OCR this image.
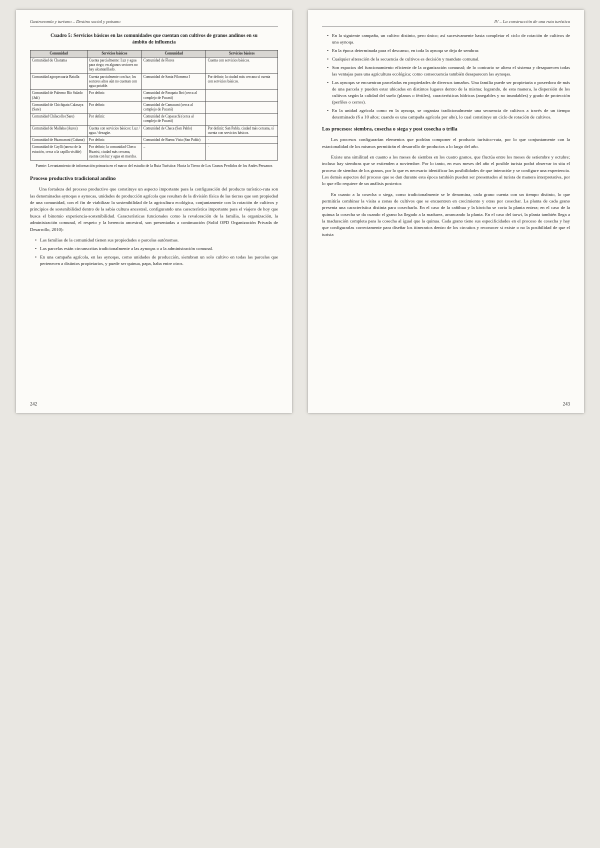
Gastronomía y turismo – Destino social y paisano
Cuadro 5: Servicios básicos en las comunidades que cuentan con cultivos de granos andinos en su ámbito de influencia
Comunidad	Servicios básicos	Comunidad	Servicios básicos
Comunidad de Chatuma	Cuenta parcialmente: Luz y agua para riego; en algunos sectores no hay alcantarillado.	Comunidad de Flores	Cuenta con servicios básicos.
Comunidad agropecuaria Batalla	Cuenta parcialmente con luz; los sectores altos aún no cuentan con agua potable.	Comunidad de Santa Filomena I	Por definir; la ciudad más cercana sí cuenta con servicios básicos.
Comunidad de Palermo Río Salado (Juli)	Por definir.	Comunidad de Parapata Ibri (cerca al complejo de Pucará)	
Comunidad de Chichipata Calasaya (Sare)	Por definir.	Comunidad de Camacani (cerca al complejo de Pucará)	
Comunidad Chilacollo (Sare)	Por definir.	Comunidad de Copacachi (cerca al complejo de Pucará)	
Comunidad de Mallaba (Aures)	Cuenta con servicios básicos: Luz / agua / desagüe.	Comunidad de Chaca (San Pablo)	Por definir; San Pablo, ciudad más cercana, sí cuenta con servicios básicos.
Comunidad de Huancarani (Cabana)	Por definir.	Comunidad de Buena Vista (San Pablo)	·
Comunidad de Caylli (anexo de la estación, cerca a la capilla visible)	Por definir; la comunidad Checa Huarisi, ciudad más cercana, cuenta con luz y agua en marcha.	–	·
Fuente: Levantamiento de información primaria en el marco del estudio de la Ruta Turística: Hacia la Tierra de Los Granos Perdidos de los Andes Peruanos
Proceso productivo tradicional andino

Una fortaleza del proceso productivo que constituye un aspecto importante para la configuración del producto turístico-ruta son las denominadas aynoqas o aynocas, unidades de producción agrícola que resultan de la división física de las tierras que son propiedad de una comunidad, con el fin de viabilizar la sostenibilidad de la agricultura ecológica, conjuntamente con la rotación de cultivos y principios de sostenibilidad dentro de la sabia cultura ancestral, configurando una característica importante para el viajero de hoy que busca el binomio experiencia-sostenibilidad. Características funcionales como la revaloración de la familia, la organización, la administración comunal, el respeto y la herencia ancestral, son presentadas a continuación (Solid OPD Organización Privada de Desarrollo, 2010):

• Las familias de la comunidad tienen sus propiedades o parcelas autónomas.
• Las parcelas están circunscritas tradicionalmente a las aynoqas o a la administración comunal.
• En una campaña agrícola, en las aynoqas, como unidades de producción, siembran un solo cultivo en todas las parcelas que pertenecen a distintos propietarios, y puede ser quinua, papa, haba entre otros.
242
IV – La construcción de una ruta turística
• En la siguiente campaña, un cultivo distinto, pero único; así sucesivamente hasta completar el ciclo de rotación de cultivos de una aynoqa.
• En la época determinada para el descanso, en toda la aynoqa se deja de sembrar.
• Cualquier alteración de la secuencia de cultivos es decisión y mandato comunal.
• Son espacios del funcionamiento eficiente de la organización comunal; de lo contrario se altera el sistema y desaparecen todas las ventajas para una agricultura ecológica; como consecuencia también desaparecen las aynoqas.
• Las aynoqas se encuentran parceladas en propiedades de diversos tamaños. Una familia puede ser propietaria o poseedora de más de una parcela y pueden estar ubicadas en distintos lugares dentro de la misma; logrando, de esta manera, la dispersión de los cultivos según la calidad del suelo (planos o fértiles), características hídricas (anegables y no inundables) y grado de protección (perfiles o cerros).
• En la unidad agrícola como en la aynoqa, se organiza tradicionalmente una secuencia de cultivos a través de un tiempo determinado (6 a 10 años; cuando es una campaña agrícola por año), lo cual constituye un ciclo de rotación de cultivos.
Los procesos: siembra, cosecha o siega y post cosecha o trilla

Los procesos configurarían elementos que podrían componer el producto turístico-ruta, por lo que conjuntamente con la estacionalidad de los mismos permitirán el desarrollo de productos a lo largo del año.

Existe una similitud en cuanto a los meses de siembra en los cuatro granos, que fluctúa entre los meses de setiembre y octubre; incluso hay siembras que se extienden a noviembre. Por lo tanto, en esos meses del año el posible turista podrá observar in situ el proceso de siembra de los granos, por lo que es necesario identificar las posibilidades de que interactúe y se configure una experiencia. Los demás aspectos del proceso que se dan durante esta época también pueden ser presentados al turista de manera interpretativa, por lo que ello requiere de un análisis posterior.

En cuanto a la cosecha o siega, como tradicionalmente se le denomina, cada grano cuenta con un tiempo distinto, lo que permitiría combinar la visita a zonas de cultivos que se encuentren en crecimiento y otras por cosechar. La planta de cada grano presenta una característica distinta para cosecharla. En el caso de la cañihua y la kiwicha se corta la planta entera; en el caso de la quinua la cosecha se da cuando el grano ha llegado a la madurez, arrancando la planta. En el caso del tarwi, la planta también llega a la maduración completa para la cosecha al igual que la quinua. Cada grano tiene sus especificidades en el proceso de cosecha y hay que configurarlas correctamente para diseñar los itinerarios dentro de los circuitos y reconocer si existe o no la posibilidad de que el turista

243
